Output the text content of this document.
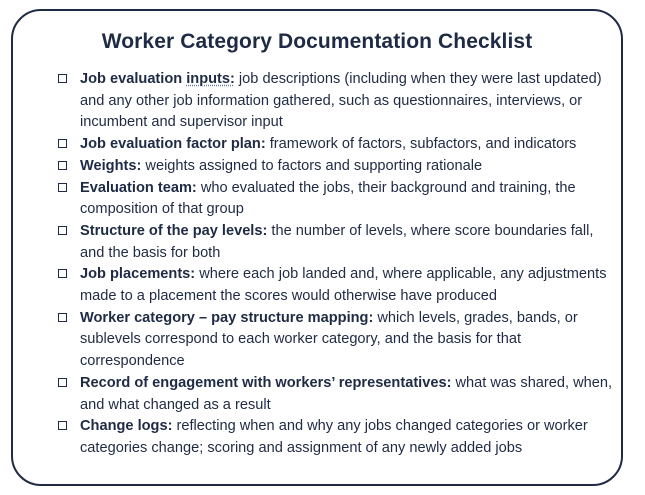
Worker Category Documentation Checklist
Job evaluation inputs: job descriptions (including when they were last updated) and any other job information gathered, such as questionnaires, interviews, or incumbent and supervisor input
Job evaluation factor plan: framework of factors, subfactors, and indicators
Weights: weights assigned to factors and supporting rationale
Evaluation team: who evaluated the jobs, their background and training, the composition of that group
Structure of the pay levels: the number of levels, where score boundaries fall, and the basis for both
Job placements: where each job landed and, where applicable, any adjustments made to a placement the scores would otherwise have produced
Worker category – pay structure mapping: which levels, grades, bands, or sublevels correspond to each worker category, and the basis for that correspondence
Record of engagement with workers’ representatives: what was shared, when, and what changed as a result
Change logs: reflecting when and why any jobs changed categories or worker categories change; scoring and assignment of any newly added jobs
